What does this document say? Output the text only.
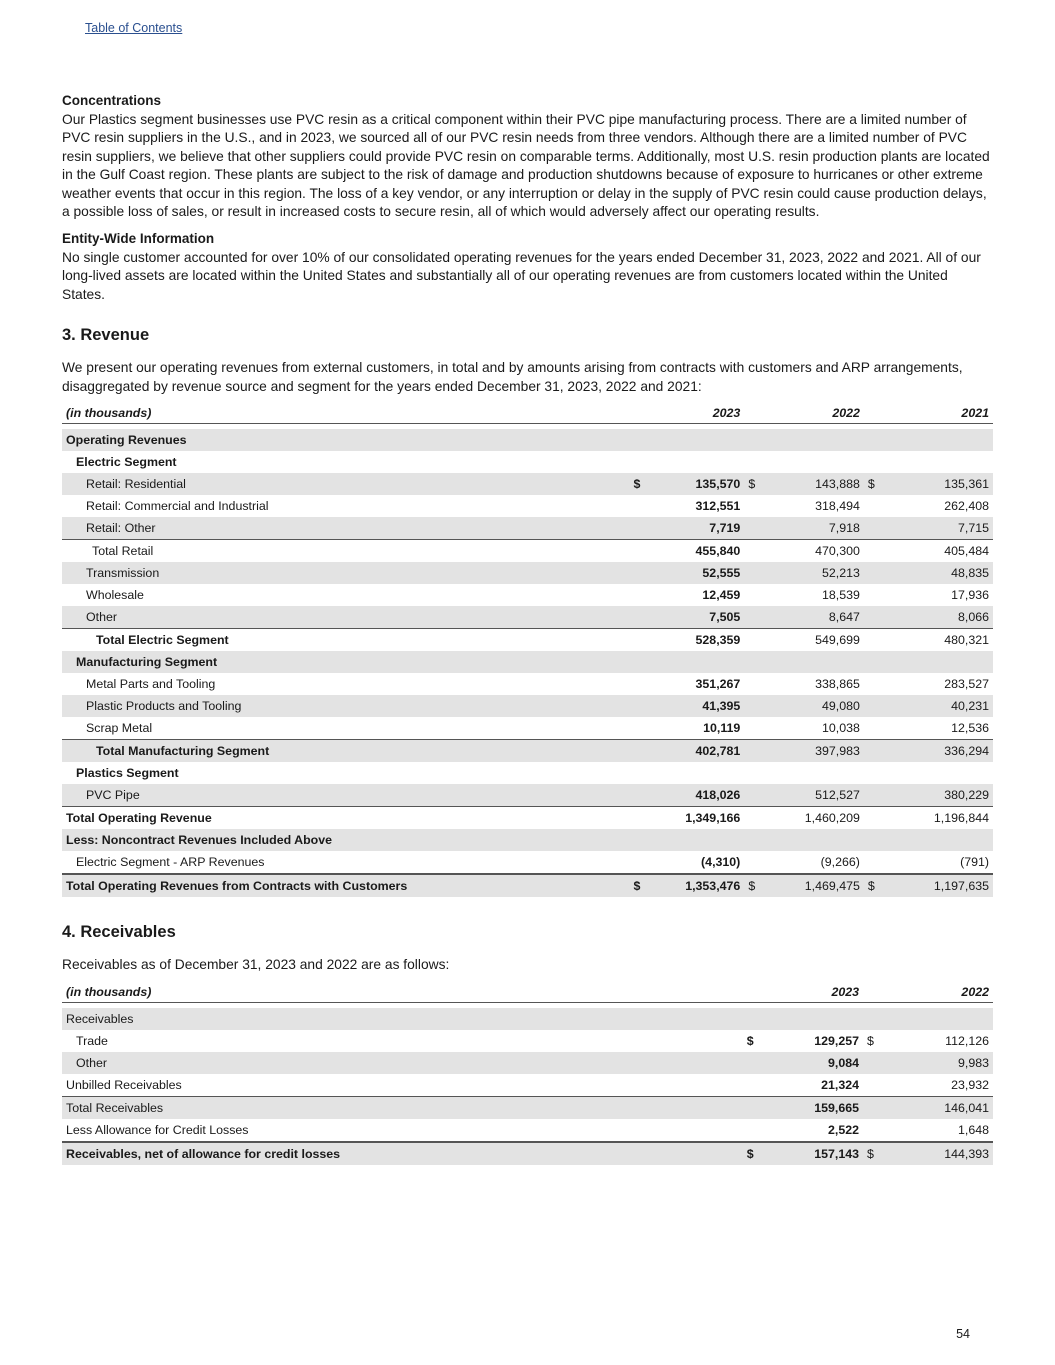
Table of Contents
Concentrations

Our Plastics segment businesses use PVC resin as a critical component within their PVC pipe manufacturing process. There are a limited number of PVC resin suppliers in the U.S., and in 2023, we sourced all of our PVC resin needs from three vendors. Although there are a limited number of PVC resin suppliers, we believe that other suppliers could provide PVC resin on comparable terms. Additionally, most U.S. resin production plants are located in the Gulf Coast region. These plants are subject to the risk of damage and production shutdowns because of exposure to hurricanes or other extreme weather events that occur in this region. The loss of a key vendor, or any interruption or delay in the supply of PVC resin could cause production delays, a possible loss of sales, or result in increased costs to secure resin, all of which would adversely affect our operating results.

Entity-Wide Information

No single customer accounted for over 10% of our consolidated operating revenues for the years ended December 31, 2023, 2022 and 2021. All of our long-lived assets are located within the United States and substantially all of our operating revenues are from customers located within the United States.

3. Revenue

We present our operating revenues from external customers, in total and by amounts arising from contracts with customers and ARP arrangements, disaggregated by revenue source and segment for the years ended December 31, 2023, 2022 and 2021:

(in thousands)		2023		2022		2021

Operating Revenues						
Electric Segment						
Retail: Residential	$	135,570	$	143,888	$	135,361
Retail: Commercial and Industrial		312,551		318,494		262,408
Retail: Other		7,719		7,918		7,715
Total Retail		455,840		470,300		405,484
Transmission		52,555		52,213		48,835
Wholesale		12,459		18,539		17,936
Other		7,505		8,647		8,066
Total Electric Segment		528,359		549,699		480,321
Manufacturing Segment						
Metal Parts and Tooling		351,267		338,865		283,527
Plastic Products and Tooling		41,395		49,080		40,231
Scrap Metal		10,119		10,038		12,536
Total Manufacturing Segment		402,781		397,983		336,294
Plastics Segment						
PVC Pipe		418,026		512,527		380,229
Total Operating Revenue		1,349,166		1,460,209		1,196,844
Less: Noncontract Revenues Included Above						
Electric Segment - ARP Revenues		(4,310)		(9,266)		(791)
Total Operating Revenues from Contracts with Customers	$	1,353,476	$	1,469,475	$	1,197,635
4. Receivables

Receivables as of December 31, 2023 and 2022 are as follows:

(in thousands)		2023		2022

Receivables				
Trade	$	129,257	$	112,126
Other		9,084		9,983
Unbilled Receivables		21,324		23,932
Total Receivables		159,665		146,041
Less Allowance for Credit Losses		2,522		1,648
Receivables, net of allowance for credit losses	$	157,143	$	144,393
54
